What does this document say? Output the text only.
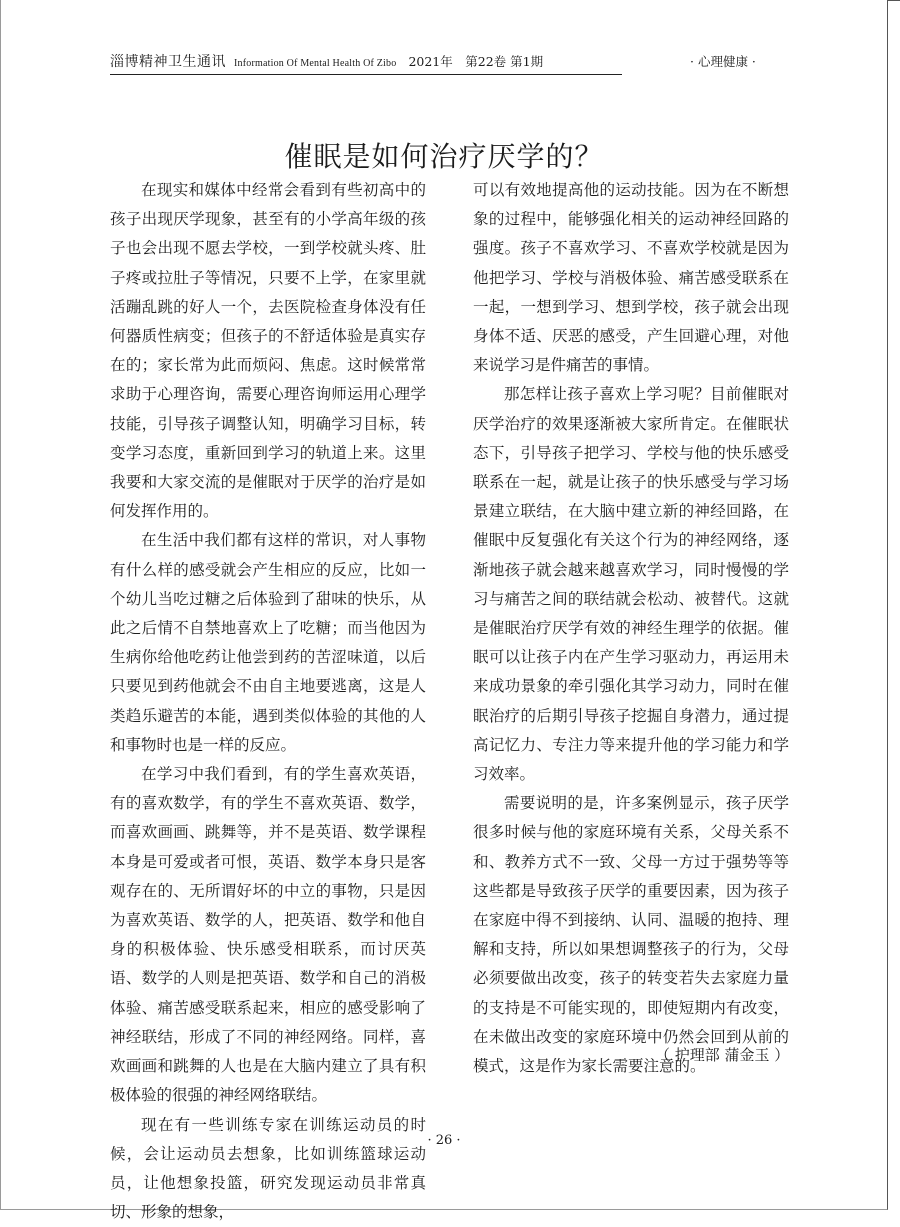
淄博精神卫生通讯 Information Of Mental Health Of Zibo 2021年　第22卷 第1期	· 心理健康 ·
催眠是如何治疗厌学的？

在现实和媒体中经常会看到有些初高中的孩子出现厌学现象，甚至有的小学高年级的孩子也会出现不愿去学校，一到学校就头疼、肚子疼或拉肚子等情况，只要不上学，在家里就活蹦乱跳的好人一个，去医院检查身体没有任何器质性病变；但孩子的不舒适体验是真实存在的；家长常为此而烦闷、焦虑。这时候常常求助于心理咨询，需要心理咨询师运用心理学技能，引导孩子调整认知，明确学习目标，转变学习态度，重新回到学习的轨道上来。这里我要和大家交流的是催眠对于厌学的治疗是如何发挥作用的。

在生活中我们都有这样的常识，对人事物有什么样的感受就会产生相应的反应，比如一个幼儿当吃过糖之后体验到了甜味的快乐，从此之后情不自禁地喜欢上了吃糖；而当他因为生病你给他吃药让他尝到药的苦涩味道，以后只要见到药他就会不由自主地要逃离，这是人类趋乐避苦的本能，遇到类似体验的其他的人和事物时也是一样的反应。

在学习中我们看到，有的学生喜欢英语，有的喜欢数学，有的学生不喜欢英语、数学，而喜欢画画、跳舞等，并不是英语、数学课程本身是可爱或者可恨，英语、数学本身只是客观存在的、无所谓好坏的中立的事物，只是因为喜欢英语、数学的人，把英语、数学和他自身的积极体验、快乐感受相联系，而讨厌英语、数学的人则是把英语、数学和自己的消极体验、痛苦感受联系起来，相应的感受影响了神经联结，形成了不同的神经网络。同样，喜欢画画和跳舞的人也是在大脑内建立了具有积极体验的很强的神经网络联结。

现在有一些训练专家在训练运动员的时候，会让运动员去想象，比如训练篮球运动员，让他想象投篮，研究发现运动员非常真切、形象的想象，

可以有效地提高他的运动技能。因为在不断想象的过程中，能够强化相关的运动神经回路的强度。孩子不喜欢学习、不喜欢学校就是因为他把学习、学校与消极体验、痛苦感受联系在一起，一想到学习、想到学校，孩子就会出现身体不适、厌恶的感受，产生回避心理，对他来说学习是件痛苦的事情。

那怎样让孩子喜欢上学习呢？目前催眠对厌学治疗的效果逐渐被大家所肯定。在催眠状态下，引导孩子把学习、学校与他的快乐感受联系在一起，就是让孩子的快乐感受与学习场景建立联结，在大脑中建立新的神经回路，在催眠中反复强化有关这个行为的神经网络，逐渐地孩子就会越来越喜欢学习，同时慢慢的学习与痛苦之间的联结就会松动、被替代。这就是催眠治疗厌学有效的神经生理学的依据。催眠可以让孩子内在产生学习驱动力，再运用未来成功景象的牵引强化其学习动力，同时在催眠治疗的后期引导孩子挖掘自身潜力，通过提高记忆力、专注力等来提升他的学习能力和学习效率。

需要说明的是，许多案例显示，孩子厌学很多时候与他的家庭环境有关系，父母关系不和、教养方式不一致、父母一方过于强势等等这些都是导致孩子厌学的重要因素，因为孩子在家庭中得不到接纳、认同、温暖的抱持、理解和支持，所以如果想调整孩子的行为，父母必须要做出改变，孩子的转变若失去家庭力量的支持是不可能实现的，即使短期内有改变，在未做出改变的家庭环境中仍然会回到从前的模式，这是作为家长需要注意的。

（ 护理部 蒲金玉 ）
· 26 ·
